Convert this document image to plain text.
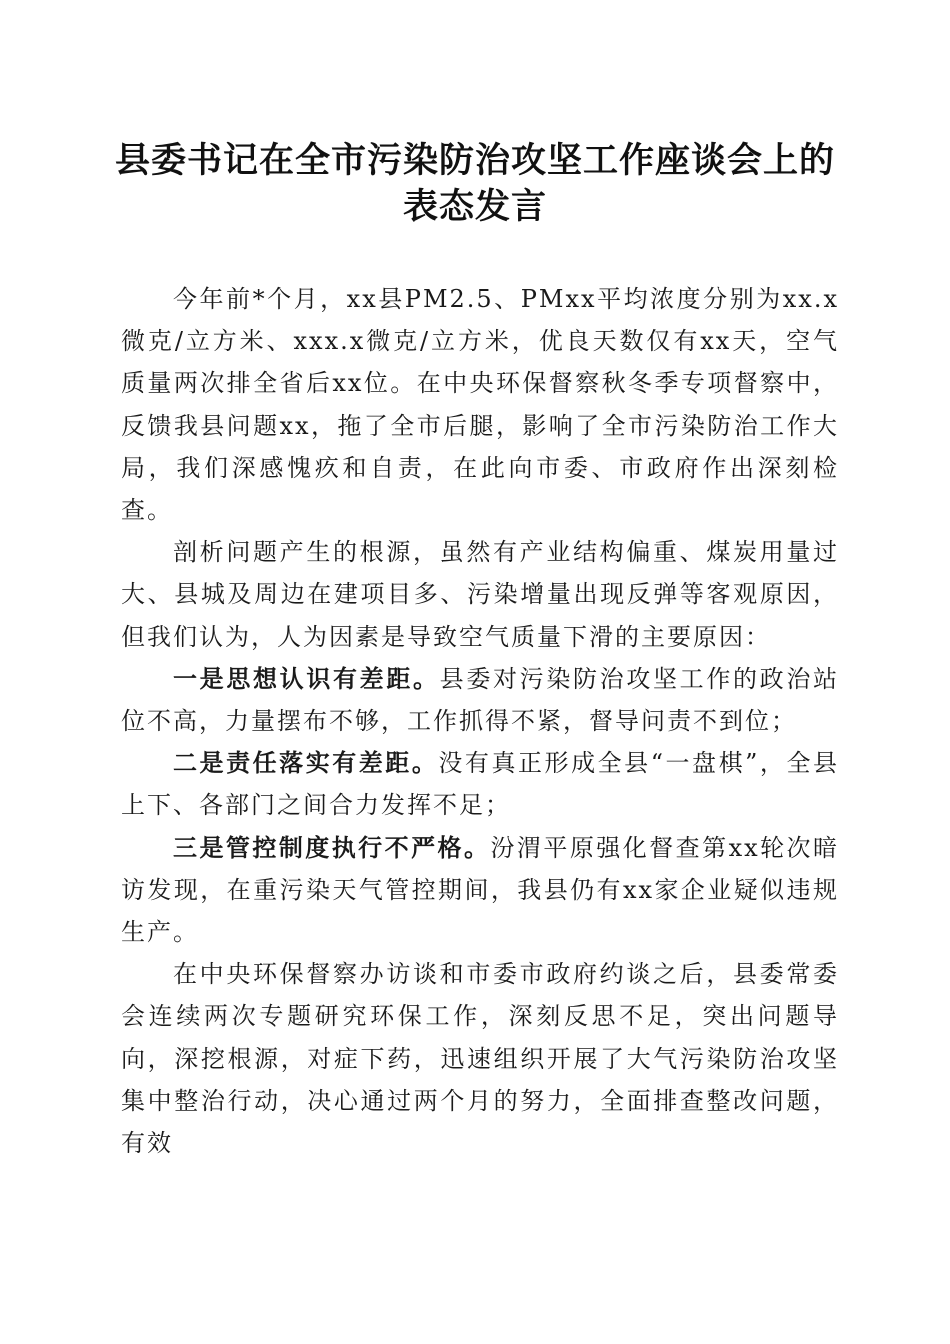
县委书记在全市污染防治攻坚工作座谈会上的
表态发言

今年前*个月，xx县PM2.5、PMxx平均浓度分别为xx.x微克/立方米、xxx.x微克/立方米，优良天数仅有xx天，空气质量两次排全省后xx位。在中央环保督察秋冬季专项督察中，反馈我县问题xx，拖了全市后腿，影响了全市污染防治工作大局，我们深感愧疚和自责，在此向市委、市政府作出深刻检查。

剖析问题产生的根源，虽然有产业结构偏重、煤炭用量过大、县城及周边在建项目多、污染增量出现反弹等客观原因，但我们认为，人为因素是导致空气质量下滑的主要原因：

一是思想认识有差距。县委对污染防治攻坚工作的政治站位不高，力量摆布不够，工作抓得不紧，督导问责不到位；

二是责任落实有差距。没有真正形成全县“一盘棋”，全县上下、各部门之间合力发挥不足；

三是管控制度执行不严格。汾渭平原强化督查第xx轮次暗访发现，在重污染天气管控期间，我县仍有xx家企业疑似违规生产。

在中央环保督察办访谈和市委市政府约谈之后，县委常委会连续两次专题研究环保工作，深刻反思不足，突出问题导向，深挖根源，对症下药，迅速组织开展了大气污染防治攻坚集中整治行动，决心通过两个月的努力，全面排查整改问题，有效
